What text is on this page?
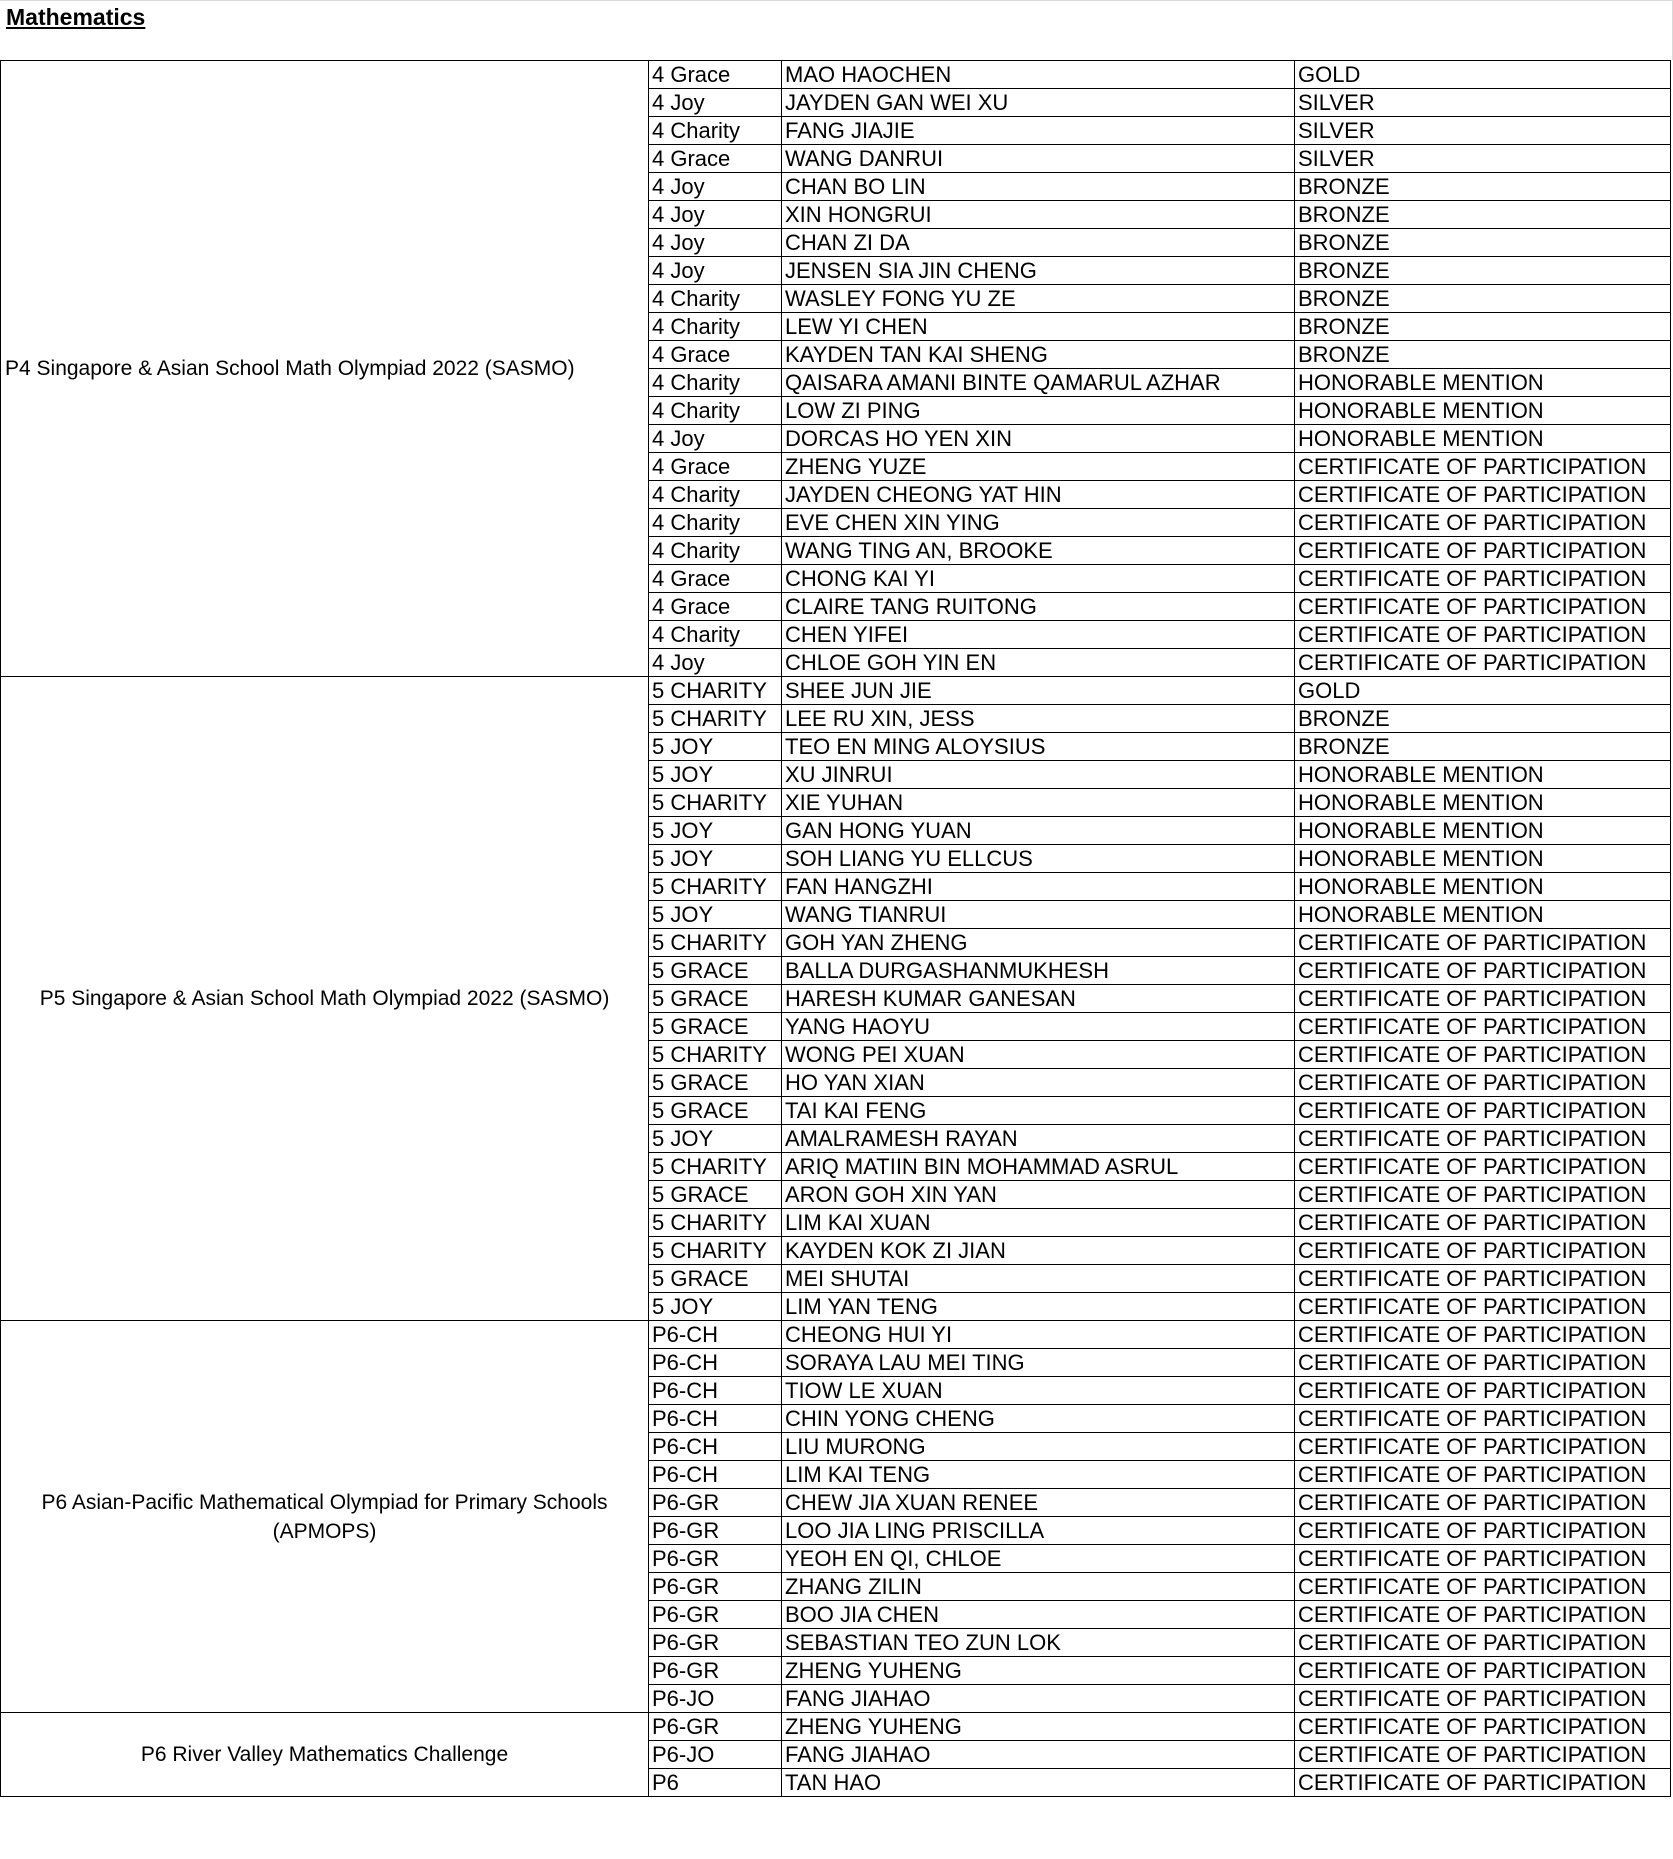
Mathematics
P4 Singapore & Asian School Math Olympiad 2022 (SASMO)	4 Grace	MAO HAOCHEN	GOLD
	4 Joy	JAYDEN GAN WEI XU	SILVER
	4 Charity	FANG JIAJIE	SILVER
	4 Grace	WANG DANRUI	SILVER
	4 Joy	CHAN BO LIN	BRONZE
	4 Joy	XIN HONGRUI	BRONZE
	4 Joy	CHAN ZI DA	BRONZE
	4 Joy	JENSEN SIA JIN CHENG	BRONZE
	4 Charity	WASLEY FONG YU ZE	BRONZE
	4 Charity	LEW YI CHEN	BRONZE
	4 Grace	KAYDEN TAN KAI SHENG	BRONZE
	4 Charity	QAISARA AMANI BINTE QAMARUL AZHAR	HONORABLE MENTION
	4 Charity	LOW ZI PING	HONORABLE MENTION
	4 Joy	DORCAS HO YEN XIN	HONORABLE MENTION
	4 Grace	ZHENG YUZE	CERTIFICATE OF PARTICIPATION
	4 Charity	JAYDEN CHEONG YAT HIN	CERTIFICATE OF PARTICIPATION
	4 Charity	EVE CHEN XIN YING	CERTIFICATE OF PARTICIPATION
	4 Charity	WANG TING AN, BROOKE	CERTIFICATE OF PARTICIPATION
	4 Grace	CHONG KAI YI	CERTIFICATE OF PARTICIPATION
	4 Grace	CLAIRE TANG RUITONG	CERTIFICATE OF PARTICIPATION
	4 Charity	CHEN YIFEI	CERTIFICATE OF PARTICIPATION
	4 Joy	CHLOE GOH YIN EN	CERTIFICATE OF PARTICIPATION
P5 Singapore & Asian School Math Olympiad 2022 (SASMO)	5 CHARITY	SHEE JUN JIE	GOLD
	5 CHARITY	LEE RU XIN, JESS	BRONZE
	5 JOY	TEO EN MING ALOYSIUS	BRONZE
	5 JOY	XU JINRUI	HONORABLE MENTION
	5 CHARITY	XIE YUHAN	HONORABLE MENTION
	5 JOY	GAN HONG YUAN	HONORABLE MENTION
	5 JOY	SOH LIANG YU ELLCUS	HONORABLE MENTION
	5 CHARITY	FAN HANGZHI	HONORABLE MENTION
	5 JOY	WANG TIANRUI	HONORABLE MENTION
	5 CHARITY	GOH YAN ZHENG	CERTIFICATE OF PARTICIPATION
	5 GRACE	BALLA DURGASHANMUKHESH	CERTIFICATE OF PARTICIPATION
	5 GRACE	HARESH KUMAR GANESAN	CERTIFICATE OF PARTICIPATION
	5 GRACE	YANG HAOYU	CERTIFICATE OF PARTICIPATION
	5 CHARITY	WONG PEI XUAN	CERTIFICATE OF PARTICIPATION
	5 GRACE	HO YAN XIAN	CERTIFICATE OF PARTICIPATION
	5 GRACE	TAI KAI FENG	CERTIFICATE OF PARTICIPATION
	5 JOY	AMALRAMESH RAYAN	CERTIFICATE OF PARTICIPATION
	5 CHARITY	ARIQ MATIIN BIN MOHAMMAD ASRUL	CERTIFICATE OF PARTICIPATION
	5 GRACE	ARON GOH XIN YAN	CERTIFICATE OF PARTICIPATION
	5 CHARITY	LIM KAI XUAN	CERTIFICATE OF PARTICIPATION
	5 CHARITY	KAYDEN KOK ZI JIAN	CERTIFICATE OF PARTICIPATION
	5 GRACE	MEI SHUTAI	CERTIFICATE OF PARTICIPATION
	5 JOY	LIM YAN TENG	CERTIFICATE OF PARTICIPATION
P6 Asian-Pacific Mathematical Olympiad for Primary Schools (APMOPS)	P6-CH	CHEONG HUI YI	CERTIFICATE OF PARTICIPATION
	P6-CH	SORAYA LAU MEI TING	CERTIFICATE OF PARTICIPATION
	P6-CH	TIOW LE XUAN	CERTIFICATE OF PARTICIPATION
	P6-CH	CHIN YONG CHENG	CERTIFICATE OF PARTICIPATION
	P6-CH	LIU MURONG	CERTIFICATE OF PARTICIPATION
	P6-CH	LIM KAI TENG	CERTIFICATE OF PARTICIPATION
	P6-GR	CHEW JIA XUAN RENEE	CERTIFICATE OF PARTICIPATION
	P6-GR	LOO JIA LING PRISCILLA	CERTIFICATE OF PARTICIPATION
	P6-GR	YEOH EN QI, CHLOE	CERTIFICATE OF PARTICIPATION
	P6-GR	ZHANG ZILIN	CERTIFICATE OF PARTICIPATION
	P6-GR	BOO JIA CHEN	CERTIFICATE OF PARTICIPATION
	P6-GR	SEBASTIAN TEO ZUN LOK	CERTIFICATE OF PARTICIPATION
	P6-GR	ZHENG YUHENG	CERTIFICATE OF PARTICIPATION
	P6-JO	FANG JIAHAO	CERTIFICATE OF PARTICIPATION
P6 River Valley Mathematics Challenge	P6-GR	ZHENG YUHENG	CERTIFICATE OF PARTICIPATION
	P6-JO	FANG JIAHAO	CERTIFICATE OF PARTICIPATION
	P6	TAN HAO	CERTIFICATE OF PARTICIPATION
